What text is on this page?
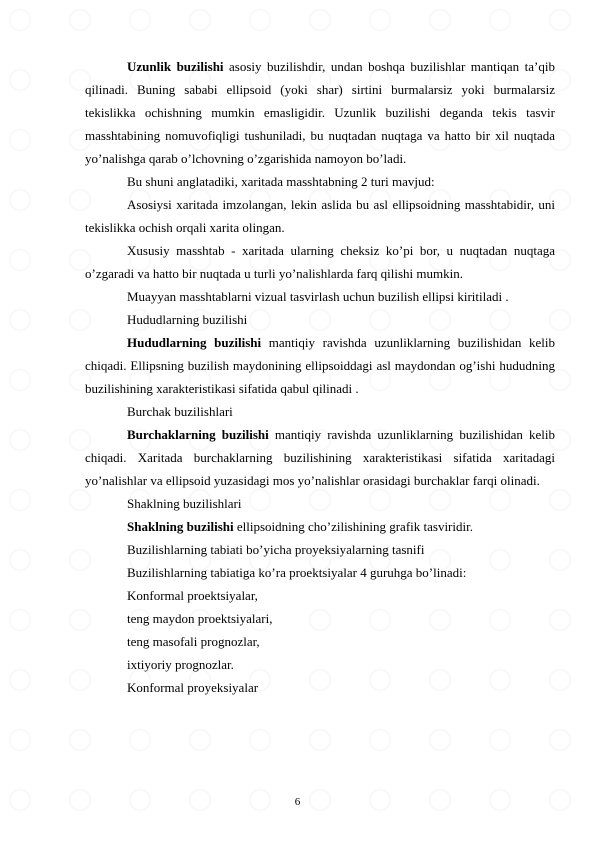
Uzunlik buzilishi asosiy buzilishdir, undan boshqa buzilishlar mantiqan ta’qib qilinadi. Buning sababi ellipsoid (yoki shar) sirtini burmalarsiz yoki burmalarsiz tekislikka ochishning mumkin emasligidir. Uzunlik buzilishi deganda tekis tasvir masshtabining nomuvofiqligi tushuniladi, bu nuqtadan nuqtaga va hatto bir xil nuqtada yo’nalishga qarab o’lchovning o’zgarishida namoyon bo’ladi.

Bu shuni anglatadiki, xaritada masshtabning 2 turi mavjud:

Asosiysi xaritada imzolangan, lekin aslida bu asl ellipsoidning masshtabidir, uni tekislikka ochish orqali xarita olingan.

Xususiy masshtab - xaritada ularning cheksiz ko’pi bor, u nuqtadan nuqtaga o’zgaradi va hatto bir nuqtada u turli yo’nalishlarda farq qilishi mumkin.

Muayyan masshtablarni vizual tasvirlash uchun buzilish ellipsi kiritiladi .

Hududlarning buzilishi

Hududlarning buzilishi mantiqiy ravishda uzunliklarning buzilishidan kelib chiqadi. Ellipsning buzilish maydonining ellipsoiddagi asl maydondan og’ishi hududning buzilishining xarakteristikasi sifatida qabul qilinadi .

Burchak buzilishlari

Burchaklarning buzilishi mantiqiy ravishda uzunliklarning buzilishidan kelib chiqadi. Xaritada burchaklarning buzilishining xarakteristikasi sifatida xaritadagi yo’nalishlar va ellipsoid yuzasidagi mos yo’nalishlar orasidagi burchaklar farqi olinadi.

Shaklning buzilishlari

Shaklning buzilishi ellipsoidning cho’zilishining grafik tasviridir.

Buzilishlarning tabiati bo’yicha proyeksiyalarning tasnifi

Buzilishlarning tabiatiga ko’ra proektsiyalar 4 guruhga bo’linadi:

Konformal proektsiyalar,

teng maydon proektsiyalari,

teng masofali prognozlar,

ixtiyoriy prognozlar.

Konformal proyeksiyalar

6
